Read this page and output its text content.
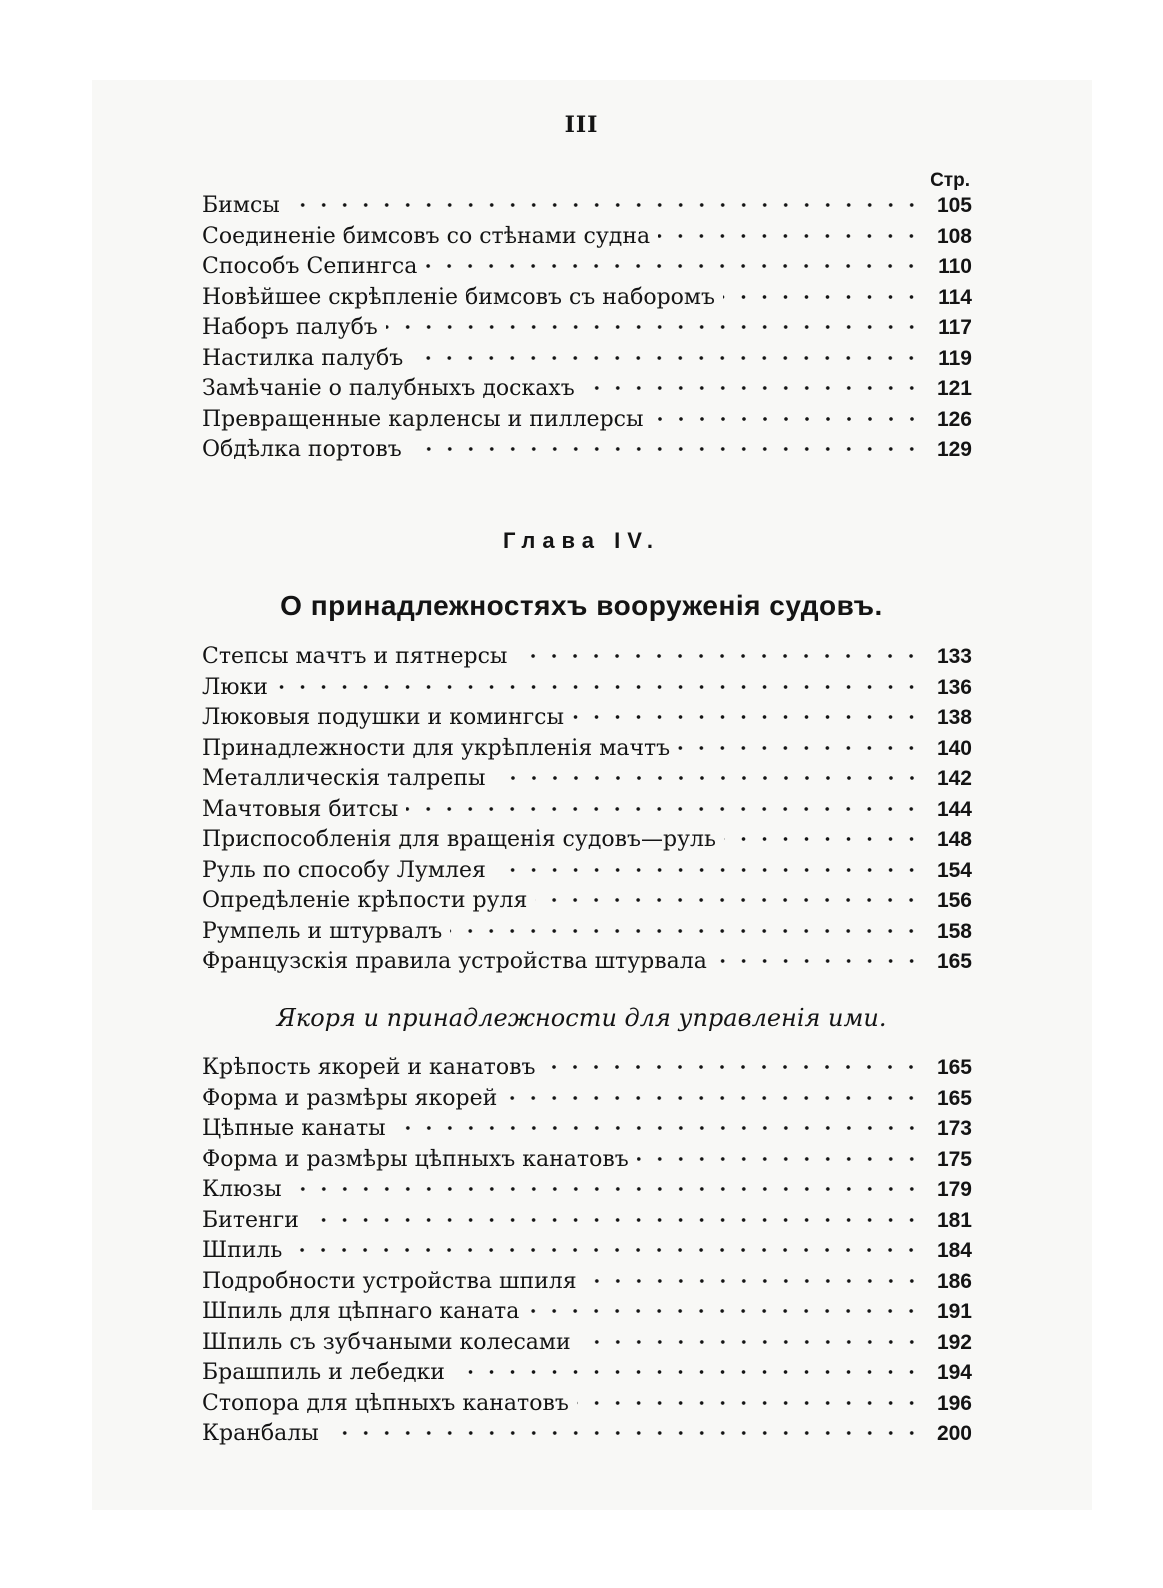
III
Стр.
Бимсы	105
Соединеніе бимсовъ со стѣнами судна	108
Способъ Сепингса	110
Новѣйшее скрѣпленіе бимсовъ съ наборомъ	114
Наборъ палубъ	117
Настилка палубъ	119
Замѣчаніе о палубныхъ доскахъ	121
Превращенные карленсы и пиллерсы	126
Обдѣлка портовъ	129
Глава IV.
О принадлежностяхъ вооруженія судовъ.
Степсы мачтъ и пятнерсы	133
Люки	136
Люковыя подушки и комингсы	138
Принадлежности для укрѣпленія мачтъ	140
Металлическія талрепы	142
Мачтовыя битсы	144
Приспособленія для вращенія судовъ—руль	148
Руль по способу Лумлея	154
Опредѣленіе крѣпости руля	156
Румпель и штурвалъ	158
Французскія правила устройства штурвала	165
Якоря и принадлежности для управленія ими.
Крѣпость якорей и канатовъ	165
Форма и размѣры якорей	165
Цѣпные канаты	173
Форма и размѣры цѣпныхъ канатовъ	175
Клюзы	179
Битенги	181
Шпиль	184
Подробности устройства шпиля	186
Шпиль для цѣпнаго каната	191
Шпиль съ зубчаными колесами	192
Брашпиль и лебедки	194
Стопора для цѣпныхъ канатовъ	196
Кранбалы	200
